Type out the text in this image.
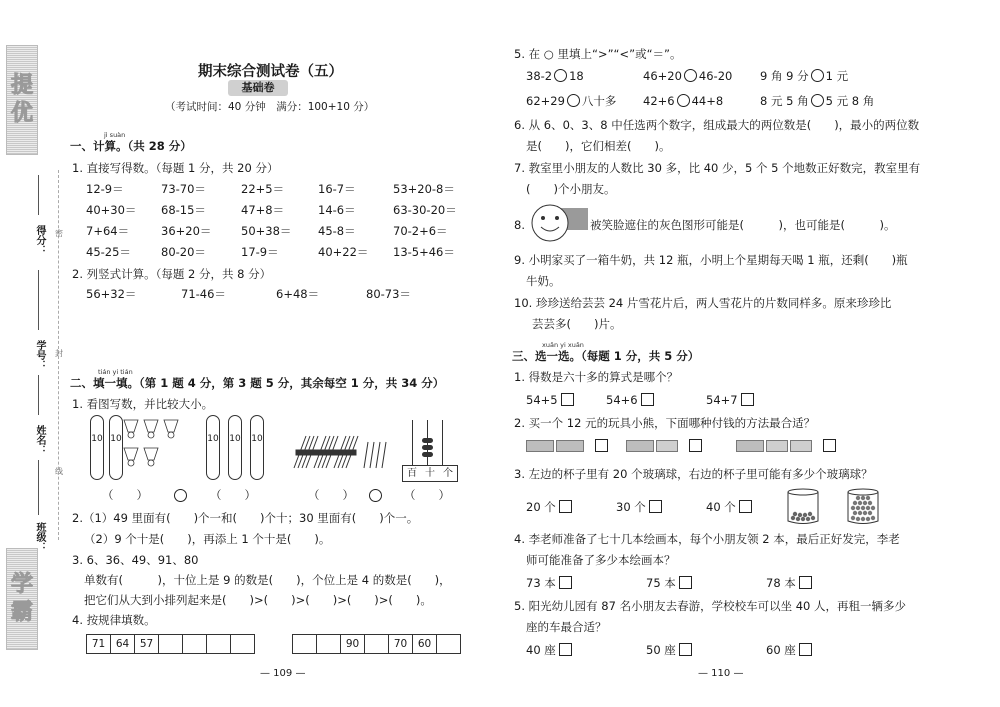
提
优
学
霸
得分：
学号：
姓名：
班级：
密
封
线
期末综合测试卷（五）
基础卷
（考试时间：40 分钟　满分：100+10 分）
jì suàn
一、计算。（共 28 分）
1. 直接写得数。（每题 1 分，共 20 分）
12-9＝	73-70＝	22+5＝	16-7＝	53+20-8＝
40+30＝ 68-15＝	47+8＝	14-6＝	63-30-20＝
7+64＝	36+20＝	50+38＝ 45-8＝	70-2+6＝
45-25＝	80-20＝	17-9＝	40+22＝ 13-5+46＝
2. 列竖式计算。（每题 2 分，共 8 分）
56+32＝	71-46＝	6+48＝	80-73＝
tián yi tián
二、填一填。（第 1 题 4 分，第 3 题 5 分，其余每空 1 分，共 34 分）
1. 看图写数，并比较大小。
10 10	10 10 10
百 十 个
（　　）	（　　）	（　　）	（　　）
2.（1）49 里面有(　　)个一和(　　)个十；30 里面有(　　)个一。
（2）9 个十是(　　)，再添上 1 个十是(　　)。
3. 6、36、49、91、80
单数有(　　　)，十位上是 9 的数是(　　)，个位上是 4 的数是(　　)，
把它们从大到小排列起来是(　　)>(　　)>(　　)>(　　)>(　　)。
4. 按规律填数。
71	64	57				
			90		70	60	
— 109 —
5. 在 ○ 里填上“>”“<”或“＝”。
38-2 18	46+20 46-20 9 角 9 分 1 元
62+29 八十多 42+6 44+8	8 元 5 角 5 元 8 角
6. 从 6、0、3、8 中任选两个数字，组成最大的两位数是(　　)，最小的两位数
是(　　)，它们相差(　　)。
7. 教室里小朋友的人数比 30 多，比 40 少，5 个 5 个地数正好数完，教室里有
(　　)个小朋友。
8.	被笑脸遮住的灰色图形可能是(　　　)，也可能是(　　　)。
9. 小明家买了一箱牛奶，共 12 瓶，小明上个星期每天喝 1 瓶，还剩(　　)瓶
牛奶。
10. 珍珍送给芸芸 24 片雪花片后，两人雪花片的片数同样多。原来珍珍比
芸芸多(　　)片。
xuǎn yi xuǎn
三、选一选。（每题 1 分，共 5 分）
1. 得数是六十多的算式是哪个？
54+5	54+6	54+7
2. 买一个 12 元的玩具小熊，下面哪种付钱的方法最合适？
3. 左边的杯子里有 20 个玻璃球，右边的杯子里可能有多少个玻璃球？
20 个	30 个	40 个
4. 李老师准备了七十几本绘画本，每个小朋友领 2 本，最后正好发完，李老
师可能准备了多少本绘画本？
73 本	75 本	78 本
5. 阳光幼儿园有 87 名小朋友去春游，学校校车可以坐 40 人，再租一辆多少
座的车最合适？
40 座	50 座	60 座
— 110 —
